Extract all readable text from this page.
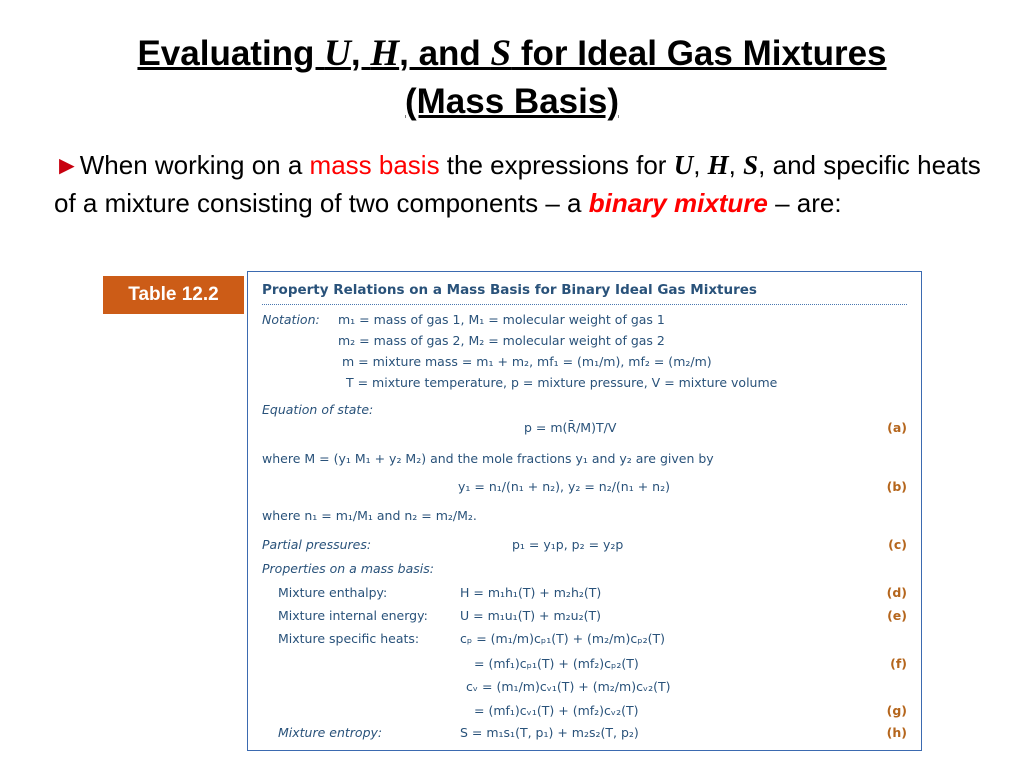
Evaluating U, H, and S for Ideal Gas Mixtures
(Mass Basis)
►When working on a mass basis the expressions for U, H, S, and specific heats of a mixture consisting of two components – a binary mixture – are:
Table 12.2	Property Relations on a Mass Basis for Binary Ideal Gas Mixtures
Notation: m₁ = mass of gas 1, M₁ = molecular weight of gas 1
m₂ = mass of gas 2, M₂ = molecular weight of gas 2
m = mixture mass = m₁ + m₂, mf₁ = (m₁/m), mf₂ = (m₂/m)
T = mixture temperature, p = mixture pressure, V = mixture volume
Equation of state:
p = m(R̄/M)T/V	(a)
where M = (y₁ M₁ + y₂ M₂) and the mole fractions y₁ and y₂ are given by
y₁ = n₁/(n₁ + n₂), y₂ = n₂/(n₁ + n₂)	(b)
where n₁ = m₁/M₁ and n₂ = m₂/M₂.
Partial pressures:	p₁ = y₁p, p₂ = y₂p	(c)
Properties on a mass basis:
Mixture enthalpy:	H = m₁h₁(T) + m₂h₂(T)	(d)
Mixture internal energy:	U = m₁u₁(T) + m₂u₂(T)	(e)
Mixture specific heats:	cₚ = (m₁/m)cₚ₁(T) + (m₂/m)cₚ₂(T)
= (mf₁)cₚ₁(T) + (mf₂)cₚ₂(T)	(f)
cᵥ = (m₁/m)cᵥ₁(T) + (m₂/m)cᵥ₂(T)
= (mf₁)cᵥ₁(T) + (mf₂)cᵥ₂(T)	(g)
Mixture entropy:	S = m₁s₁(T, p₁) + m₂s₂(T, p₂)	(h)
